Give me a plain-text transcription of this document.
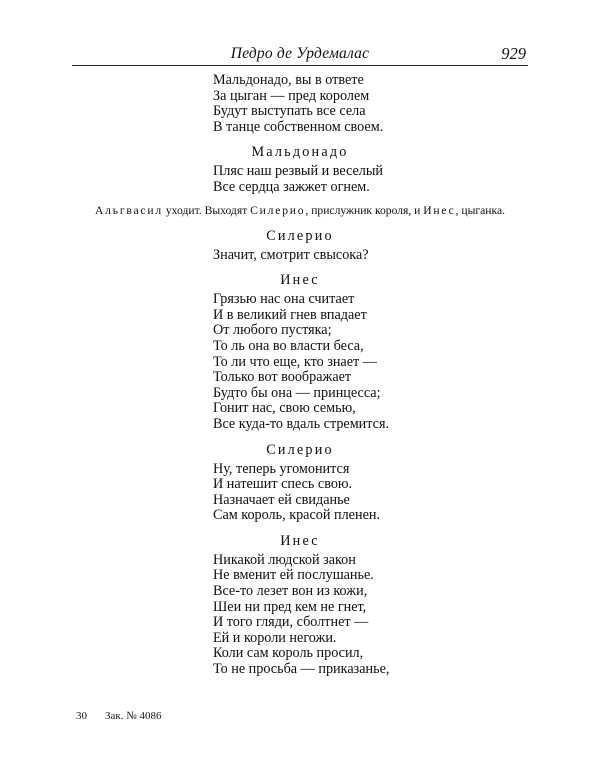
Педро де Урдемалас	929
Мальдонадо, вы в ответе
За цыган — пред королем
Будут выступать все села
В танце собственном своем.
Мальдонадо
Пляс наш резвый и веселый
Все сердца зажжет огнем.
Альгвасил уходит. Выходят Силерио, прислужник короля, и Инес, цыганка.
Силерио
Значит, смотрит свысока?
Инес
Грязью нас она считает
И в великий гнев впадает
От любого пустяка;
То ль она во власти беса,
То ли что еще, кто знает —
Только вот воображает
Будто бы она — принцесса;
Гонит нас, свою семью,
Все куда-то вдаль стремится.
Силерио
Ну, теперь угомонится
И натешит спесь свою.
Назначает ей свиданье
Сам король, красой пленен.
Инес
Никакой людской закон
Не вменит ей послушанье.
Все-то лезет вон из кожи,
Шеи ни пред кем не гнет,
И того гляди, сболтнет —
Ей и короли негожи.
Коли сам король просил,
То не просьба — приказанье,
30 Зак. № 4086
